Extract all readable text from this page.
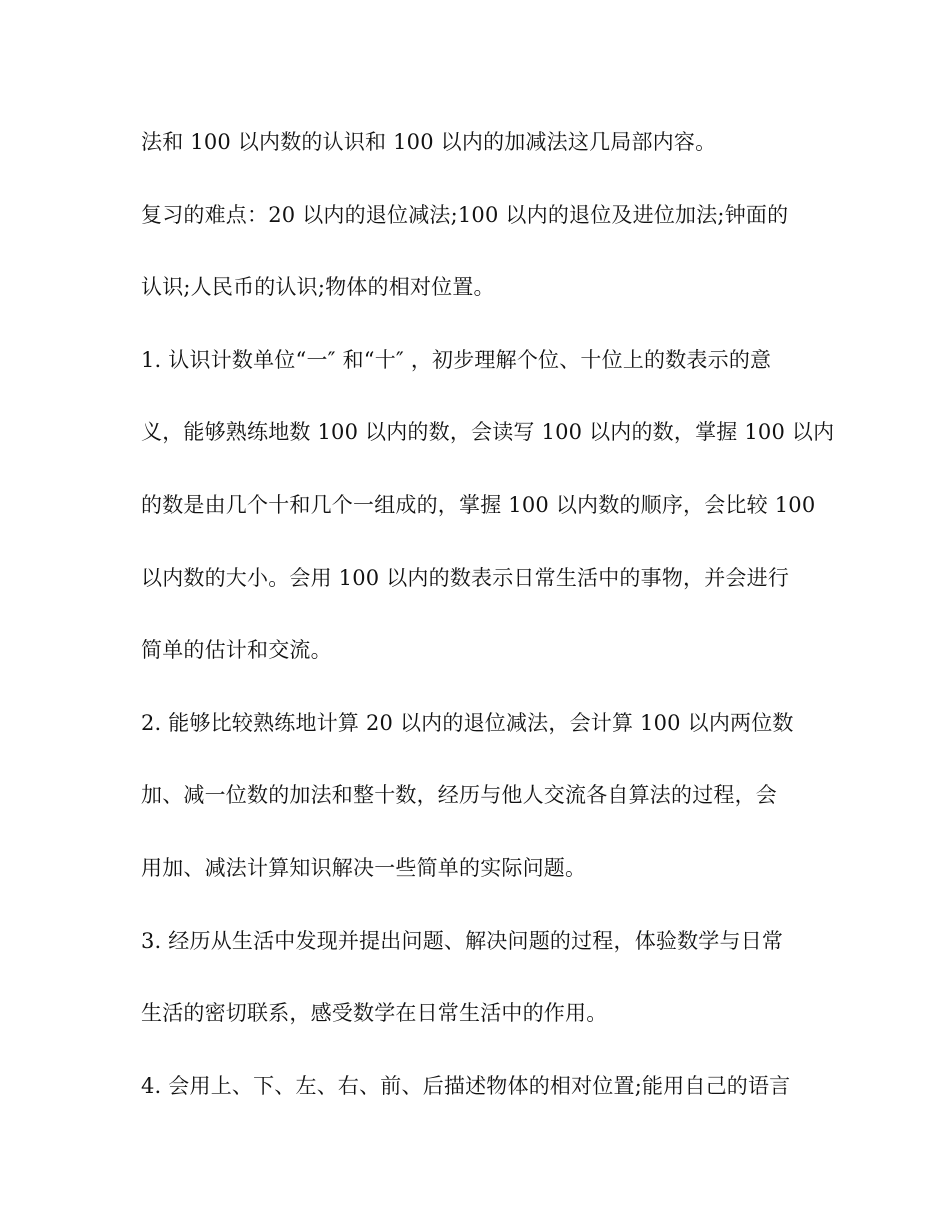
法和 100 以内数的认识和 100 以内的加减法这几局部内容。
复习的难点：20 以内的退位减法;100 以内的退位及进位加法;钟面的
认识;人民币的认识;物体的相对位置。
1. 认识计数单位“一″ 和“十″ ，初步理解个位、十位上的数表示的意
义，能够熟练地数 100 以内的数，会读写 100 以内的数，掌握 100 以内
的数是由几个十和几个一组成的，掌握 100 以内数的顺序，会比较 100
以内数的大小。会用 100 以内的数表示日常生活中的事物，并会进行
简单的估计和交流。
2. 能够比较熟练地计算 20 以内的退位减法，会计算 100 以内两位数
加、减一位数的加法和整十数，经历与他人交流各自算法的过程，会
用加、减法计算知识解决一些简单的实际问题。
3. 经历从生活中发现并提出问题、解决问题的过程，体验数学与日常
生活的密切联系，感受数学在日常生活中的作用。
4. 会用上、下、左、右、前、后描述物体的相对位置;能用自己的语言
